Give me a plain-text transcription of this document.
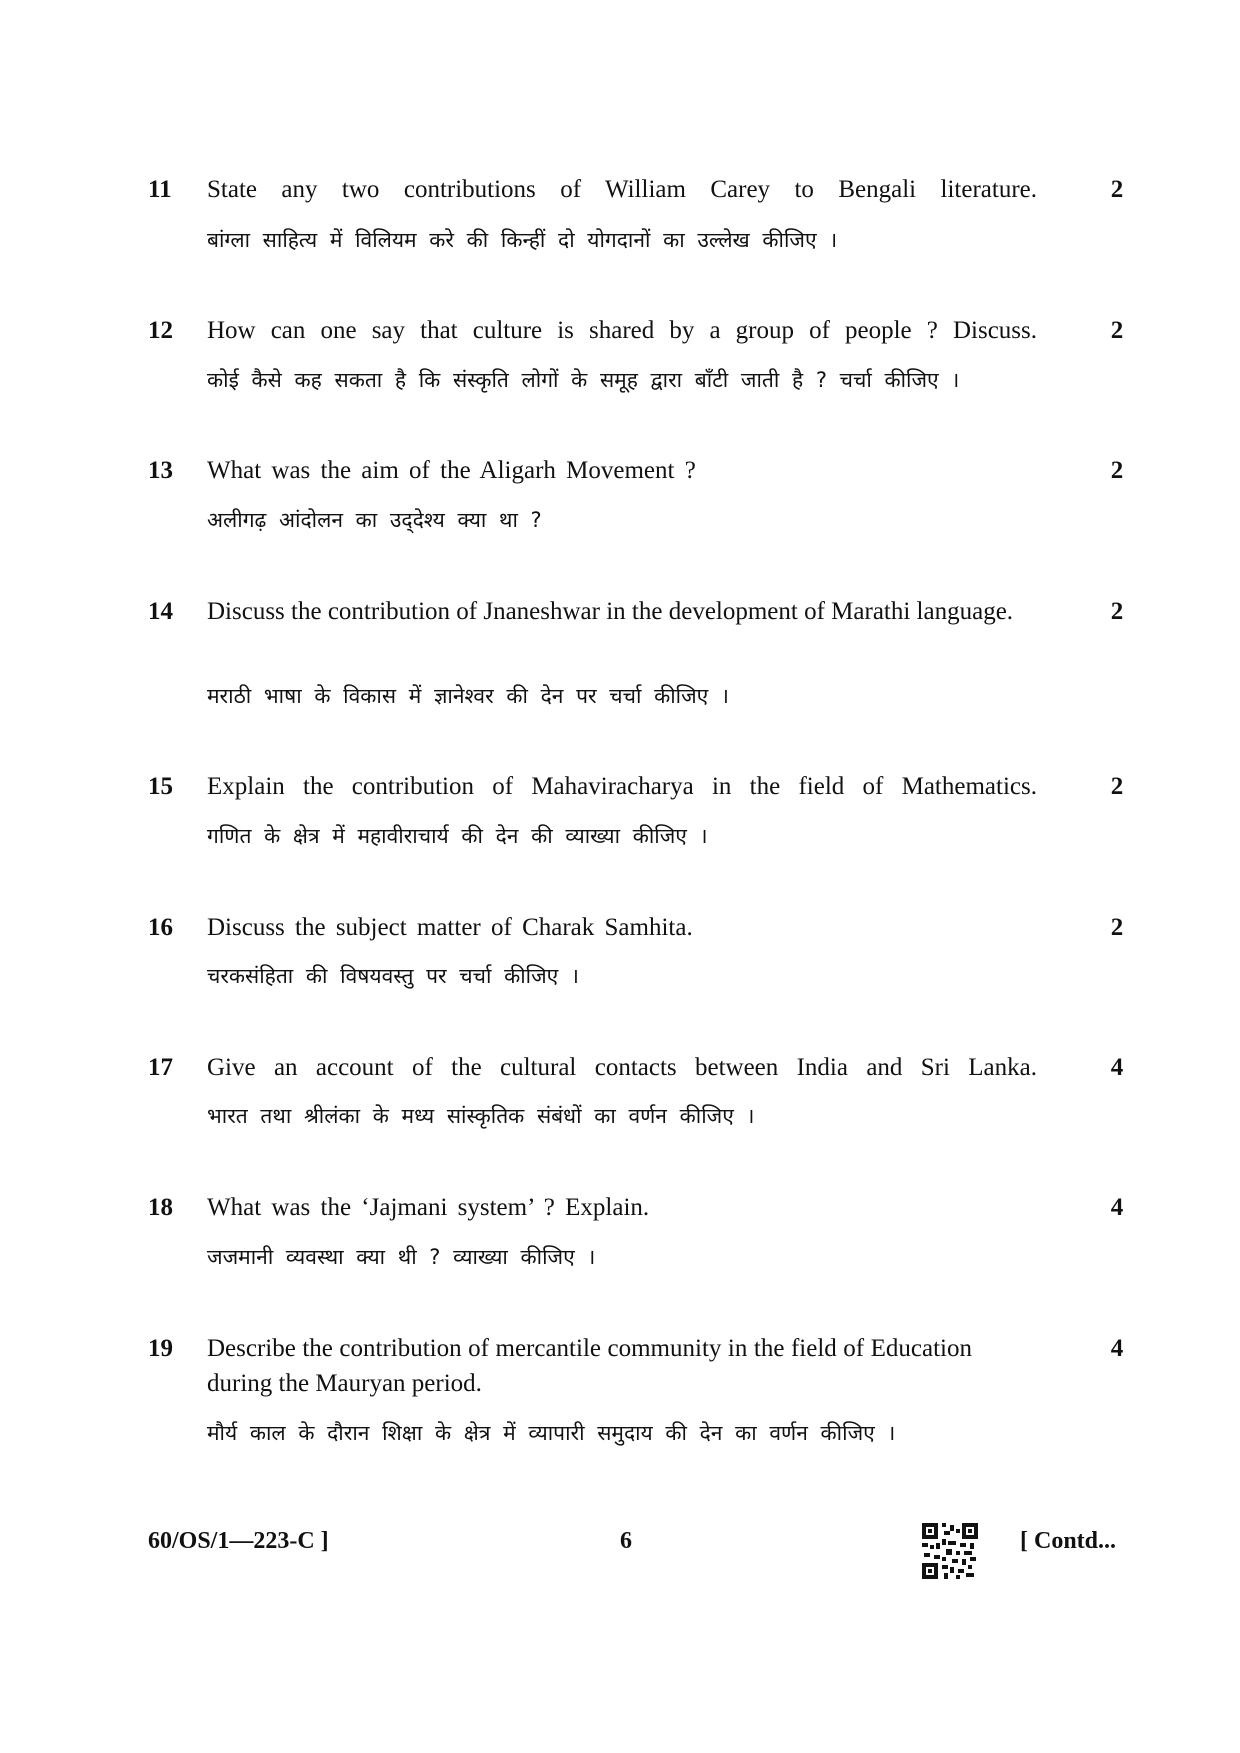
11 State any two contributions of William Carey to Bengali literature.
बांग्ला साहित्य में विलियम करे की किन्हीं दो योगदानों का उल्लेख कीजिए ।
2
12 How can one say that culture is shared by a group of people ? Discuss.
कोई कैसे कह सकता है कि संस्कृति लोगों के समूह द्वारा बाँटी जाती है ? चर्चा कीजिए ।
2
13 What was the aim of the Aligarh Movement ?
अलीगढ़ आंदोलन का उद्‌देश्य क्या था ?
2
14 Discuss the contribution of Jnaneshwar in the development of Marathi language.
मराठी भाषा के विकास में ज्ञानेश्वर की देन पर चर्चा कीजिए ।
2
15 Explain the contribution of Mahaviracharya in the field of Mathematics.
गणित के क्षेत्र में महावीराचार्य की देन की व्याख्या कीजिए ।
2
16 Discuss the subject matter of Charak Samhita.
चरकसंहिता की विषयवस्तु पर चर्चा कीजिए ।
2
17 Give an account of the cultural contacts between India and Sri Lanka.
भारत तथा श्रीलंका के मध्य सांस्कृतिक संबंधों का वर्णन कीजिए ।
4
18 What was the ‘Jajmani system’ ? Explain.
जजमानी व्यवस्था क्या थी ? व्याख्या कीजिए ।
4
19 Describe the contribution of mercantile community in the field of Education during the Mauryan period.
मौर्य काल के दौरान शिक्षा के क्षेत्र में व्यापारी समुदाय की देन का वर्णन कीजिए ।
4
60/OS/1—223-C ]	6	[ Contd...
